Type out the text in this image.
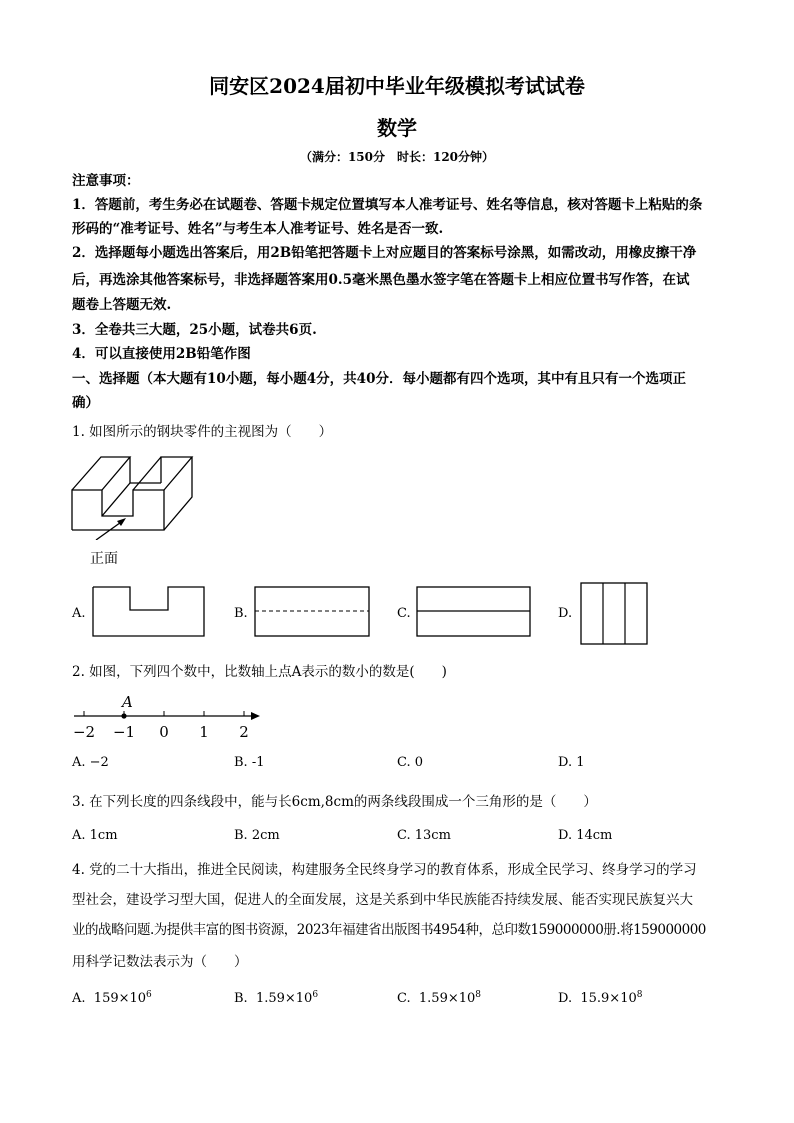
同安区2024届初中毕业年级模拟考试试卷
数学
（满分：150分　时长：120分钟）
注意事项：
1．答题前，考生务必在试题卷、答题卡规定位置填写本人准考证号、姓名等信息，核对答题卡上粘贴的条
形码的“准考证号、姓名”与考生本人准考证号、姓名是否一致.
2．选择题每小题选出答案后，用2B铅笔把答题卡上对应题目的答案标号涂黑，如需改动，用橡皮擦干净
后，再选涂其他答案标号，非选择题答案用0.5毫米黑色墨水签字笔在答题卡上相应位置书写作答，在试
题卷上答题无效.
3．全卷共三大题，25小题，试卷共6页.
4．可以直接使用2B铅笔作图
一、选择题（本大题有10小题，每小题4分，共40分．每小题都有四个选项，其中有且只有一个选项正
确）
1. 如图所示的钢块零件的主视图为（　　）
正面
A.	B.	C.	D.
2. 如图，下列四个数中，比数轴上点A表示的数小的数是(　　)
A
−2 −1 0 1 2
A. −2	B. -1	C. 0	D. 1
3. 在下列长度的四条线段中，能与长6cm,8cm的两条线段围成一个三角形的是（　　）
A. 1cm	B. 2cm	C. 13cm	D. 14cm
4. 党的二十大指出，推进全民阅读，构建服务全民终身学习的教育体系，形成全民学习、终身学习的学习
型社会，建设学习型大国，促进人的全面发展，这是关系到中华民族能否持续发展、能否实现民族复兴大
业的战略问题.为提供丰富的图书资源，2023年福建省出版图书4954种，总印数159000000册.将159000000
用科学记数法表示为（　　）
A. $159\times 10^6$	B. $1.59\times 10^6$	C. $1.59\times 10^8$	D. $15.9\times 10^8$
